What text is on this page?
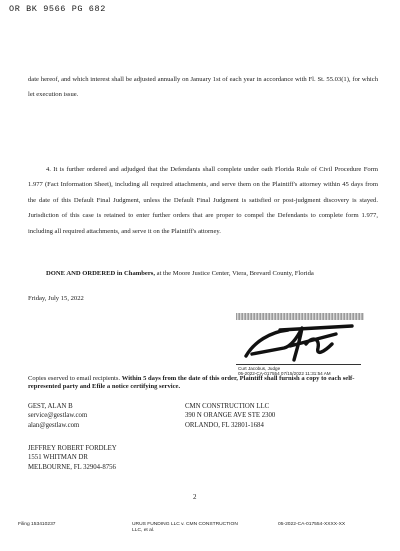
OR BK 9566 PG 682
date hereof, and which interest shall be adjusted annually on January 1st of each year in accordance with Fl. St. 55.03(1), for which let execution issue.
4. It is further ordered and adjudged that the Defendants shall complete under oath Florida Rule of Civil Procedure Form 1.977 (Fact Information Sheet), including all required attachments, and serve them on the Plaintiff's attorney within 45 days from the date of this Default Final Judgment, unless the Default Final Judgment is satisfied or post-judgment discovery is stayed. Jurisdiction of this case is retained to enter further orders that are proper to compel the Defendants to complete form 1.977, including all required attachments, and serve it on the Plaintiff's attorney.
DONE AND ORDERED in Chambers, at the Moore Justice Center, Viera, Brevard County, Florida
Friday, July 15, 2022
Curt Jacobus, Judge
05-2022-CA-017554 07/15/2022 11:31:54 AM
Copies eserved to email recipients. Within 5 days from the date of this order, Plaintiff shall furnish a copy to each self-represented party and Efile a notice certifying service.
GEST, ALAN B
service@gestlaw.com
alan@gestlaw.com
CMN CONSTRUCTION LLC
390 N ORANGE AVE STE 2300
ORLANDO, FL 32801-1684
JEFFREY ROBERT FORDLEY
1551 WHITMAN DR
MELBOURNE, FL 32904-8756
2
Filing 153410237	URUS FUNDING LLC v. CMN CONSTRUCTION LLC, et al.
05-2022-CA-017554-XXXX-XX
